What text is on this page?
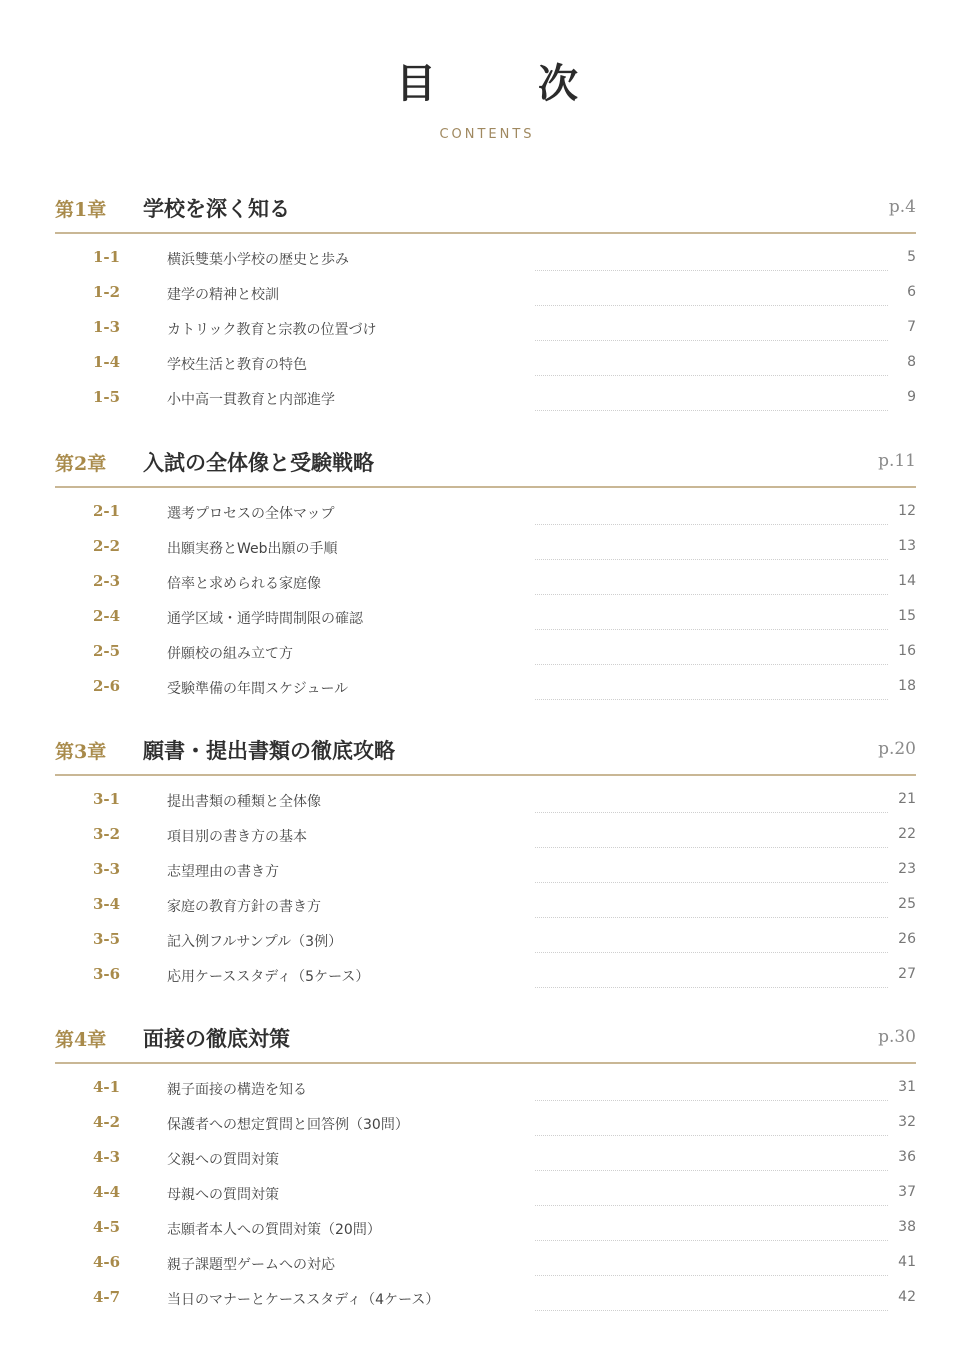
目 次
CONTENTS
第1章 学校を深く知る	p.4
1-1	横浜雙葉小学校の歴史と歩み	5
1-2	建学の精神と校訓	6
1-3	カトリック教育と宗教の位置づけ	7
1-4	学校生活と教育の特色	8
1-5	小中高一貫教育と内部進学	9
第2章 入試の全体像と受験戦略	p.11
2-1	選考プロセスの全体マップ	12
2-2	出願実務とWeb出願の手順	13
2-3	倍率と求められる家庭像	14
2-4	通学区域・通学時間制限の確認	15
2-5	併願校の組み立て方	16
2-6	受験準備の年間スケジュール	18
第3章 願書・提出書類の徹底攻略	p.20
3-1	提出書類の種類と全体像	21
3-2	項目別の書き方の基本	22
3-3	志望理由の書き方	23
3-4	家庭の教育方針の書き方	25
3-5	記入例フルサンプル（3例）	26
3-6	応用ケーススタディ（5ケース）	27
第4章 面接の徹底対策	p.30
4-1	親子面接の構造を知る	31
4-2	保護者への想定質問と回答例（30問）	32
4-3	父親への質問対策	36
4-4	母親への質問対策	37
4-5	志願者本人への質問対策（20問）	38
4-6	親子課題型ゲームへの対応	41
4-7	当日のマナーとケーススタディ（4ケース）	42
